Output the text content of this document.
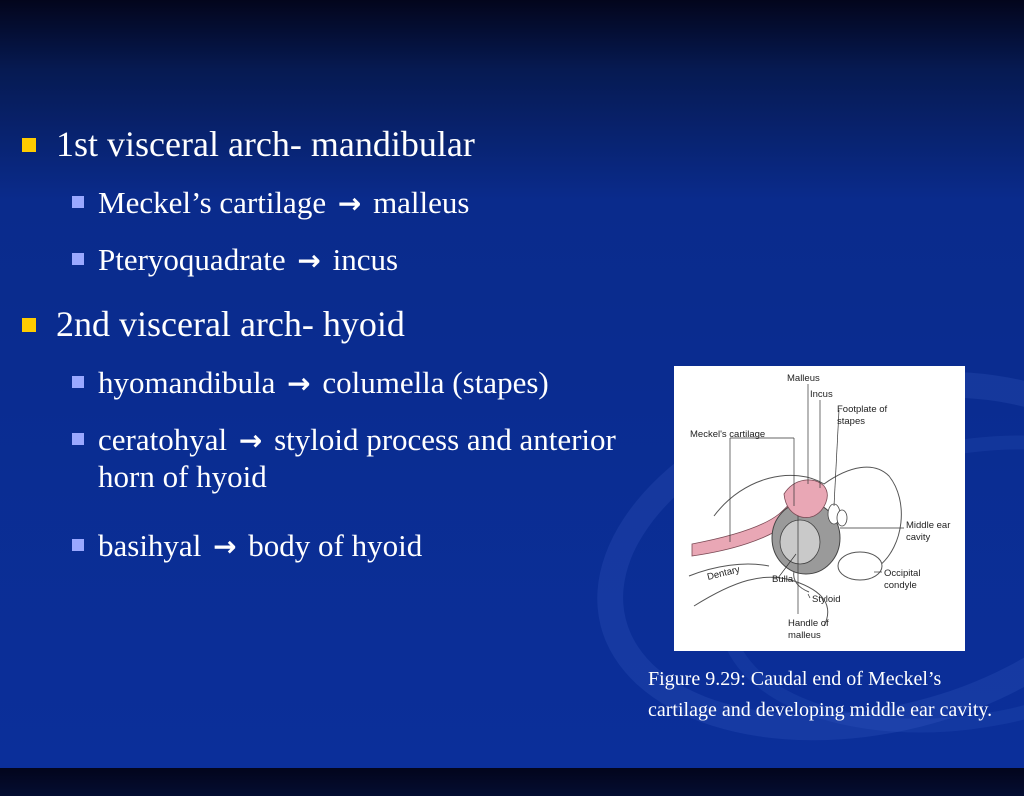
1st visceral arch- mandibular
Meckel’s cartilage → malleus
Pteryoquadrate → incus
2nd visceral arch- hyoid
hyomandibula → columella (stapes)
ceratohyal → styloid process and anterior horn of hyoid
basihyal → body of hyoid
Malleus
Incus
Footplate of
stapes
Meckel's cartilage
Middle ear
cavity
Dentary	Bulla
Occipital
condyle
Styloid
Handle of
malleus
Figure 9.29: Caudal end of Meckel’s cartilage and developing middle ear cavity.
